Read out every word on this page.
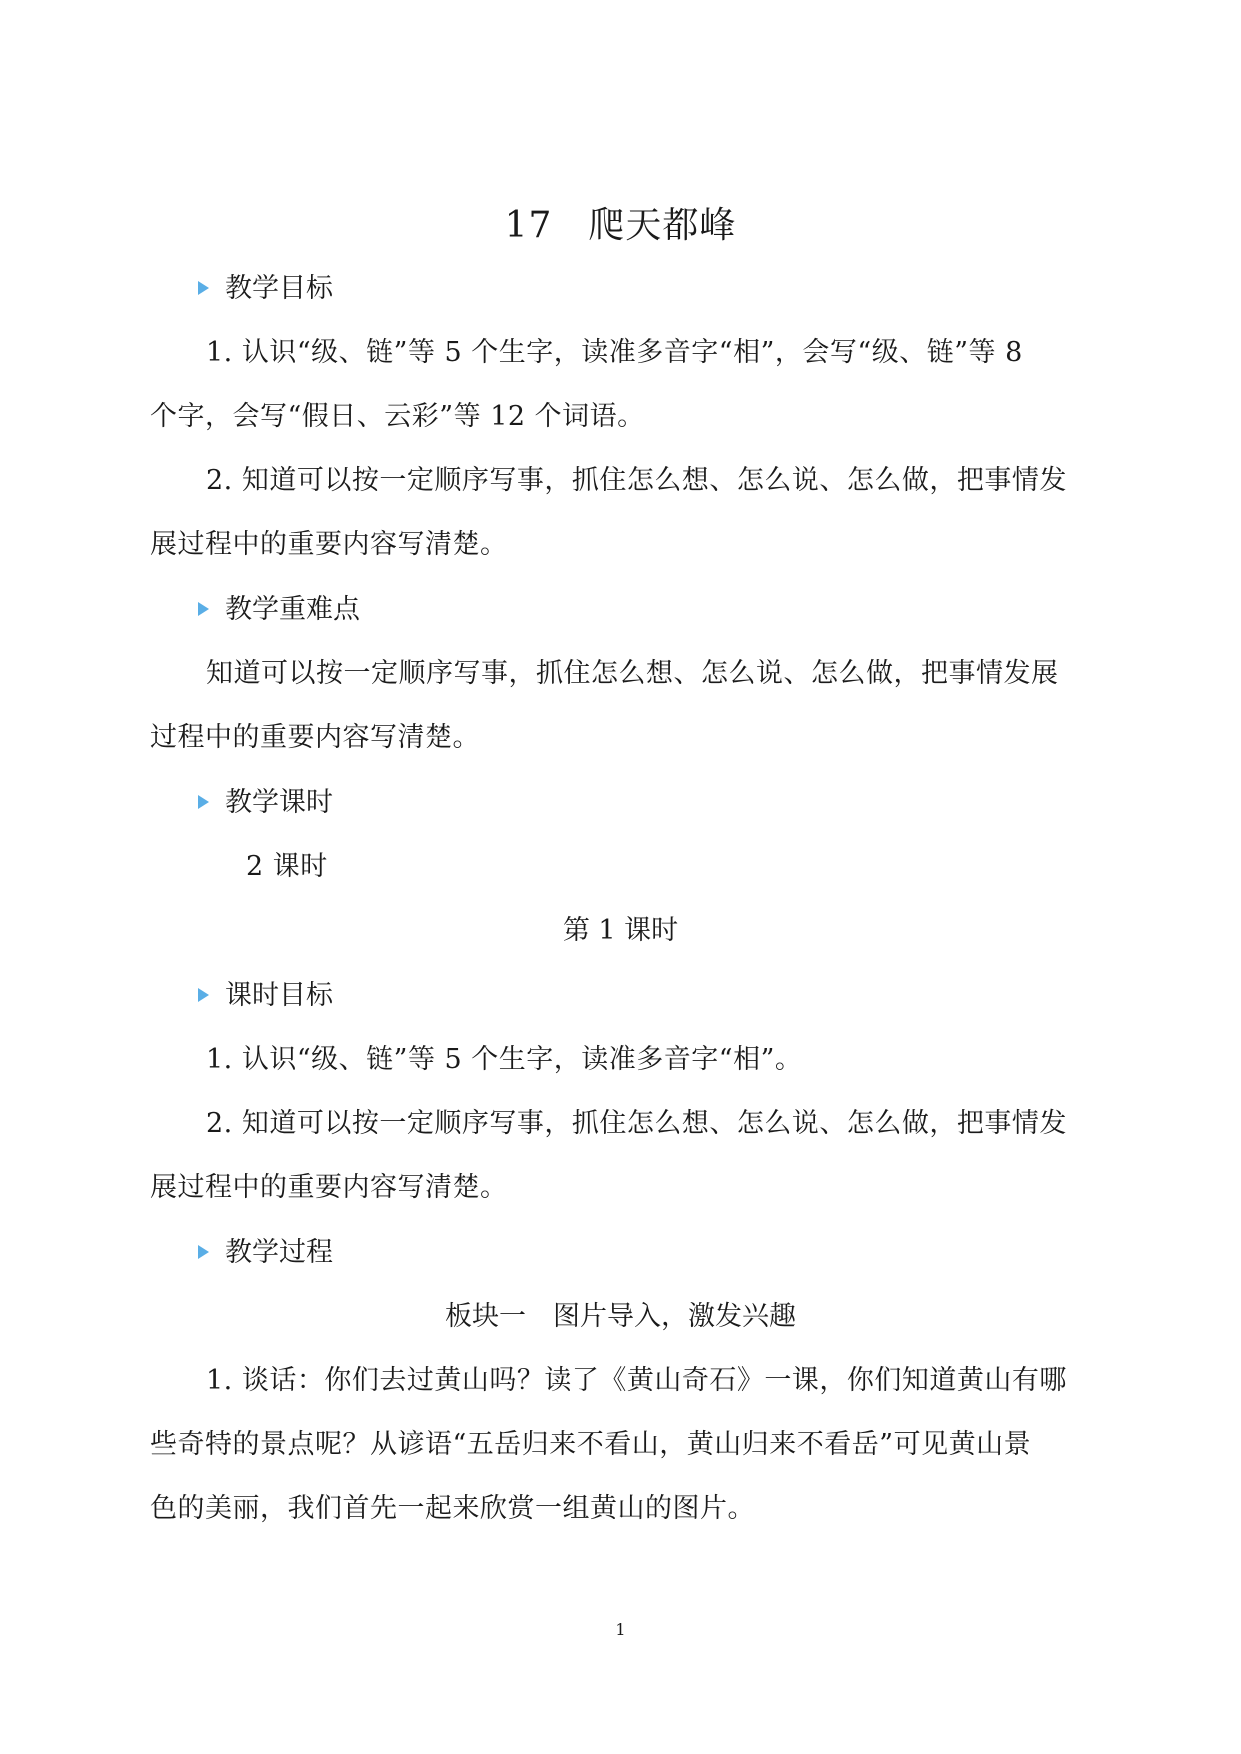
17 爬天都峰
教学目标
1. 认识“级、链”等 5 个生字，读准多音字“相”，会写“级、链”等 8
个字，会写“假日、云彩”等 12 个词语。
2. 知道可以按一定顺序写事，抓住怎么想、怎么说、怎么做，把事情发
展过程中的重要内容写清楚。
教学重难点
知道可以按一定顺序写事，抓住怎么想、怎么说、怎么做，把事情发展
过程中的重要内容写清楚。
教学课时
2 课时
第 1 课时
课时目标
1. 认识“级、链”等 5 个生字，读准多音字“相”。
2. 知道可以按一定顺序写事，抓住怎么想、怎么说、怎么做，把事情发
展过程中的重要内容写清楚。
教学过程
板块一　图片导入，激发兴趣
1. 谈话：你们去过黄山吗？读了《黄山奇石》一课，你们知道黄山有哪
些奇特的景点呢？从谚语“五岳归来不看山，黄山归来不看岳”可见黄山景
色的美丽，我们首先一起来欣赏一组黄山的图片。
1
